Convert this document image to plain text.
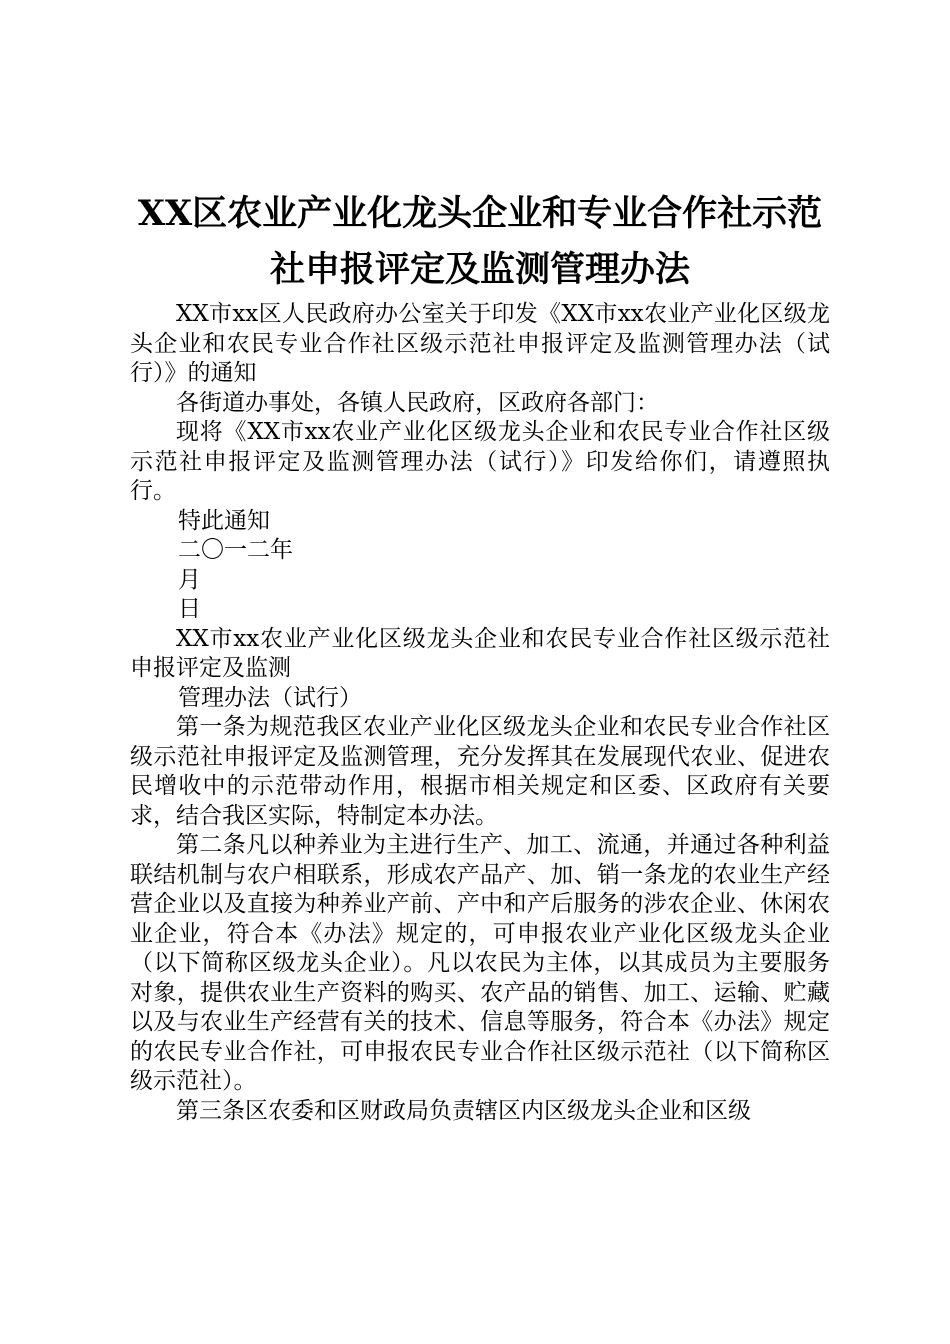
XX区农业产业化龙头企业和专业合作社示范
社申报评定及监测管理办法

XX市xx区人民政府办公室关于印发《XX市xx农业产业化区级龙头企业和农民专业合作社区级示范社申报评定及监测管理办法（试行）》的通知

各街道办事处，各镇人民政府，区政府各部门：

现将《XX市xx农业产业化区级龙头企业和农民专业合作社区级示范社申报评定及监测管理办法（试行）》印发给你们，请遵照执行。

特此通知

二〇一二年

月

日

XX市xx农业产业化区级龙头企业和农民专业合作社区级示范社申报评定及监测

管理办法（试行）

第一条为规范我区农业产业化区级龙头企业和农民专业合作社区级示范社申报评定及监测管理，充分发挥其在发展现代农业、促进农民增收中的示范带动作用，根据市相关规定和区委、区政府有关要求，结合我区实际，特制定本办法。

第二条凡以种养业为主进行生产、加工、流通，并通过各种利益联结机制与农户相联系，形成农产品产、加、销一条龙的农业生产经营企业以及直接为种养业产前、产中和产后服务的涉农企业、休闲农业企业，符合本《办法》规定的，可申报农业产业化区级龙头企业（以下简称区级龙头企业）。凡以农民为主体，以其成员为主要服务对象，提供农业生产资料的购买、农产品的销售、加工、运输、贮藏以及与农业生产经营有关的技术、信息等服务，符合本《办法》规定的农民专业合作社，可申报农民专业合作社区级示范社（以下简称区级示范社）。

第三条区农委和区财政局负责辖区内区级龙头企业和区级
